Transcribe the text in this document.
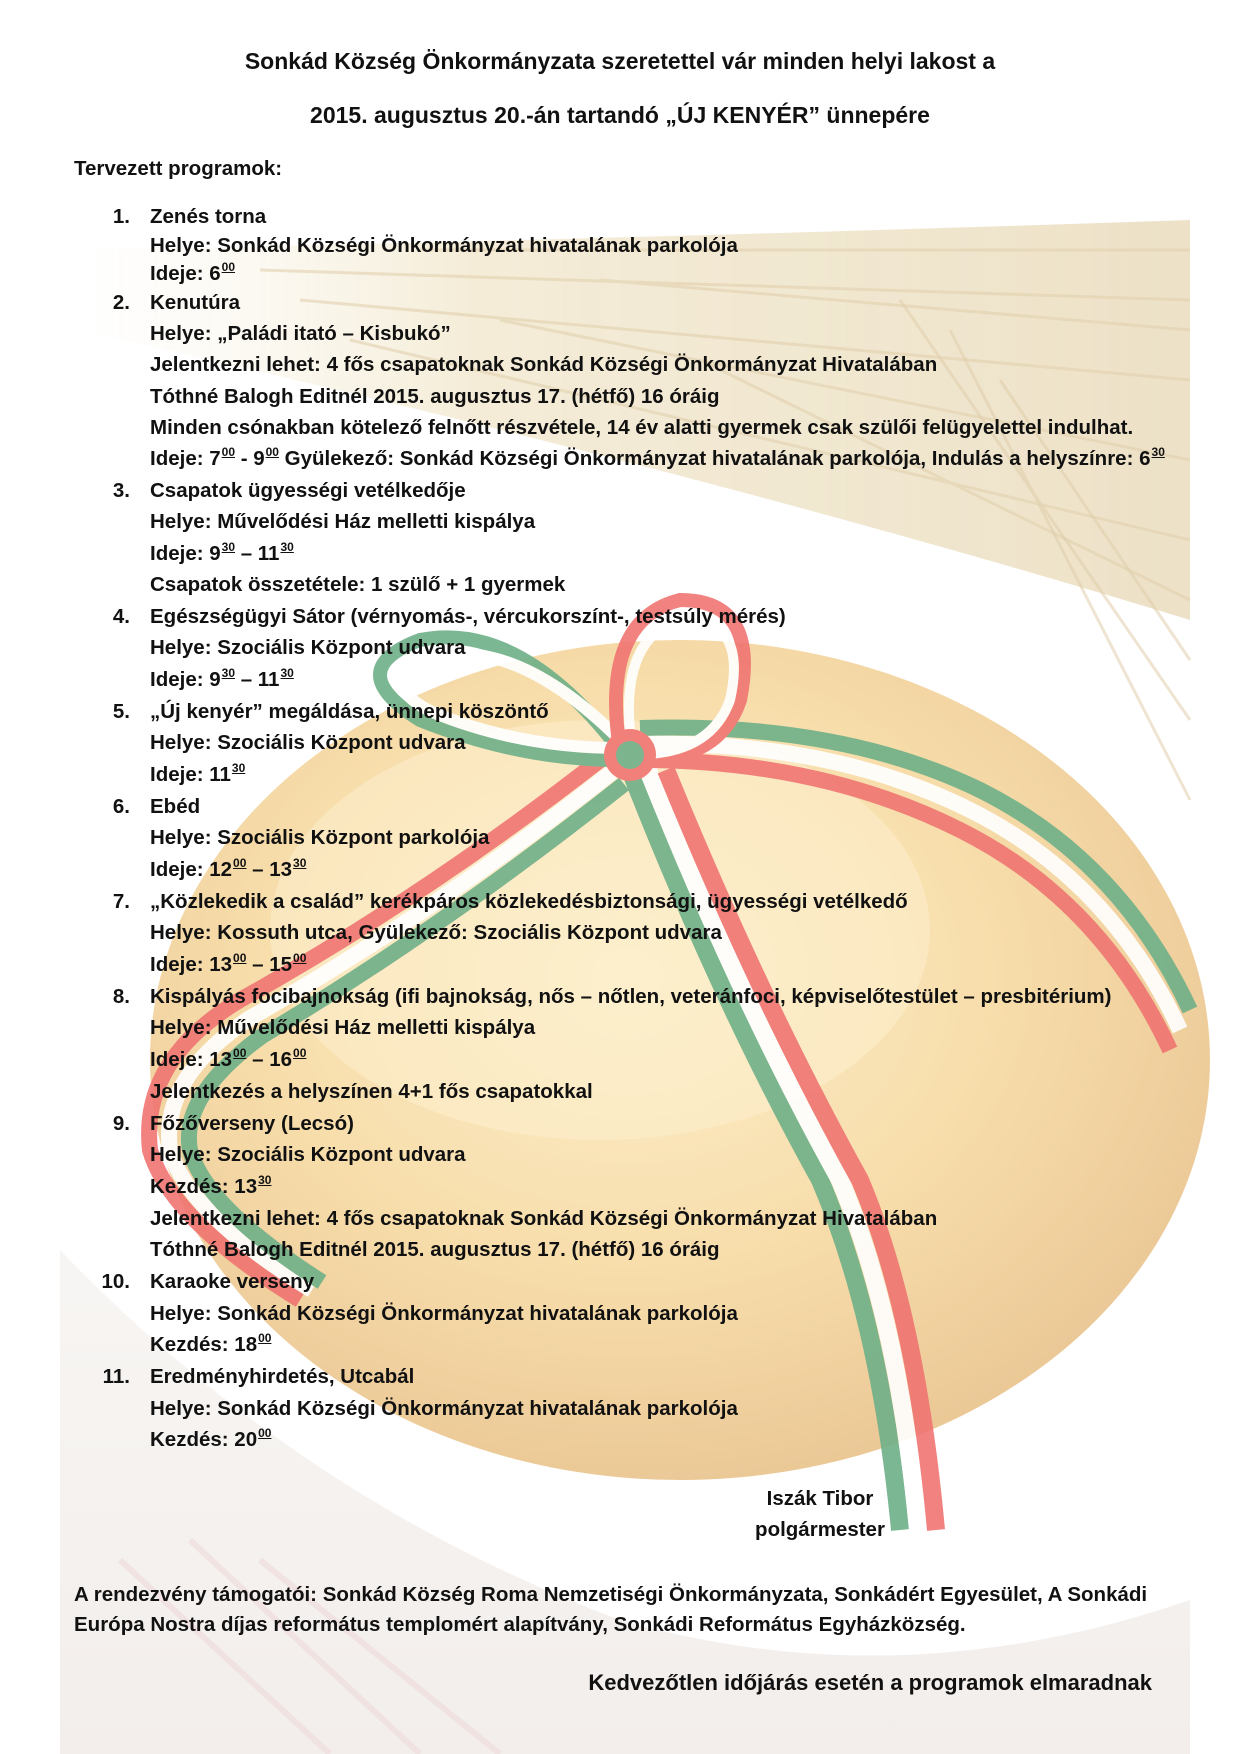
Sonkád Község Önkormányzata szeretettel vár minden helyi lakost a
2015. augusztus 20.-án tartandó „ÚJ KENYÉR” ünnepére
Tervezett programok:
1. Zenés torna
Helye: Sonkád Községi Önkormányzat hivatalának parkolója
Ideje: $6^{00}$
2. Kenutúra
Helye: „Paládi itató – Kisbukó”
Jelentkezni lehet: 4 fős csapatoknak Sonkád Községi Önkormányzat Hivatalában
Tóthné Balogh Editnél 2015. augusztus 17. (hétfő) 16 óráig
Minden csónakban kötelező felnőtt részvétele, 14 év alatti gyermek csak szülői felügyelettel indulhat.
Ideje: $7^{00} - 9^{00}$ Gyülekező: Sonkád Községi Önkormányzat hivatalának parkolója, Indulás a helyszínre: $6^{30}$
3. Csapatok ügyességi vetélkedője
Helye: Művelődési Ház melletti kispálya
Ideje: $9^{30} - 11^{30}$
Csapatok összetétele: 1 szülő + 1 gyermek
4. Egészségügyi Sátor (vérnyomás-, vércukorszínt-, testsúly mérés)
Helye: Szociális Központ udvara
Ideje: $9^{30} - 11^{30}$
5. „Új kenyér” megáldása, ünnepi köszöntő
Helye: Szociális Központ udvara
Ideje: $11^{30}$
6. Ebéd
Helye: Szociális Központ parkolója
Ideje: $12^{00} - 13^{30}$
7. „Közlekedik a család” kerékpáros közlekedésbiztonsági, ügyességi vetélkedő
Helye: Kossuth utca, Gyülekező: Szociális Központ udvara
Ideje: $13^{00} - 15^{00}$
8. Kispályás focibajnokság (ifi bajnokság, nős – nőtlen, veteránfoci, képviselőtestület – presbitérium)
Helye: Művelődési Ház melletti kispálya
Ideje: $13^{00} - 16^{00}$
Jelentkezés a helyszínen 4+1 fős csapatokkal
9. Főzőverseny (Lecsó)
Helye: Szociális Központ udvara
Kezdés: $13^{30}$
Jelentkezni lehet: 4 fős csapatoknak Sonkád Községi Önkormányzat Hivatalában
Tóthné Balogh Editnél 2015. augusztus 17. (hétfő) 16 óráig
10. Karaoke verseny
Helye: Sonkád Községi Önkormányzat hivatalának parkolója
Kezdés: $18^{00}$
11. Eredményhirdetés, Utcabál
Helye: Sonkád Községi Önkormányzat hivatalának parkolója
Kezdés: $20^{00}$
Iszák Tibor
polgármester
A rendezvény támogatói: Sonkád Község Roma Nemzetiségi Önkormányzata, Sonkádért Egyesület, A Sonkádi
Európa Nostra díjas református templomért alapítvány, Sonkádi Református Egyházközség.
Kedvezőtlen időjárás esetén a programok elmaradnak
